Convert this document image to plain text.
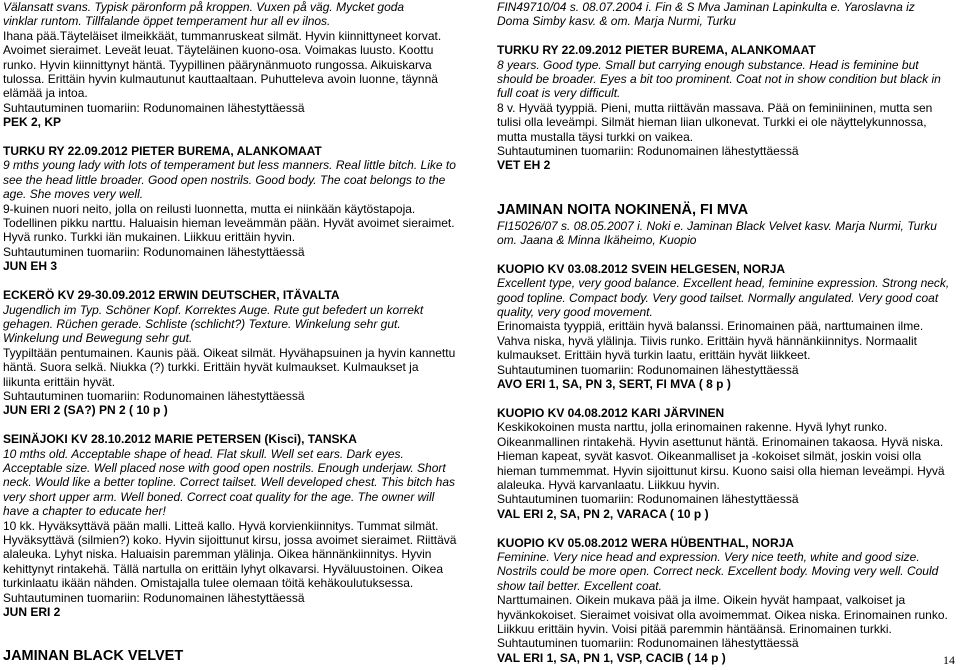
Välansatt svans. Typisk päronform på kroppen. Vuxen på väg. Mycket goda
vinklar runtom. Tillfalande öppet temperament hur all ev ilnos.
Ihana pää.Täyteläiset ilmeikkäät, tummanruskeat silmät. Hyvin kiinnittyneet korvat.
Avoimet sieraimet. Leveät leuat. Täyteläinen kuono-osa. Voimakas luusto. Koottu
runko. Hyvin kiinnittynyt häntä. Tyypillinen päärynänmuoto rungossa. Aikuiskarva
tulossa. Erittäin hyvin kulmautunut kauttaaltaan. Puhutteleva avoin luonne, täynnä
elämää ja intoa.
Suhtautuminen tuomariin: Rodunomainen lähestyttäessä
PEK 2, KP
TURKU RY 22.09.2012 PIETER BUREMA, ALANKOMAAT
9 mths young lady with lots of temperament but less manners. Real little bitch. Like to
see the head little broader. Good open nostrils. Good body. The coat belongs to the
age. She moves very well.
9-kuinen nuori neito, jolla on reilusti luonnetta, mutta ei niinkään käytöstapoja.
Todellinen pikku narttu. Haluaisin hieman leveämmän pään. Hyvät avoimet sieraimet.
Hyvä runko. Turkki iän mukainen. Liikkuu erittäin hyvin.
Suhtautuminen tuomariin: Rodunomainen lähestyttäessä
JUN EH 3
ECKERÖ KV 29-30.09.2012 ERWIN DEUTSCHER, ITÄVALTA
Jugendlich im Typ. Schöner Kopf. Korrektes Auge. Rute gut befedert un korrekt
gehagen. Rüchen gerade. Schliste (schlicht?) Texture. Winkelung sehr gut.
Winkelung und Bewegung sehr gut.
Tyypiltään pentumainen. Kaunis pää. Oikeat silmät. Hyvähapsuinen ja hyvin kannettu
häntä. Suora selkä. Niukka (?) turkki. Erittäin hyvät kulmaukset. Kulmaukset ja
liikunta erittäin hyvät.
Suhtautuminen tuomariin: Rodunomainen lähestyttäessä
JUN ERI 2 (SA?) PN 2 ( 10 p )
SEINÄJOKI KV 28.10.2012 MARIE PETERSEN (Kisci), TANSKA
10 mths old. Acceptable shape of head. Flat skull. Well set ears. Dark eyes.
Acceptable size. Well placed nose with good open nostrils. Enough underjaw. Short
neck. Would like a better topline. Correct tailset. Well developed chest. This bitch has
very short upper arm. Well boned. Correct coat quality for the age. The owner will
have a chapter to educate her!
10 kk. Hyväksyttävä pään malli. Litteä kallo. Hyvä korvienkiinnitys. Tummat silmät.
Hyväksyttävä (silmien?) koko. Hyvin sijoittunut kirsu, jossa avoimet sieraimet. Riittävä
alaleuka. Lyhyt niska. Haluaisin paremman ylälinja. Oikea hännänkiinnitys. Hyvin
kehittynyt rintakehä. Tällä nartulla on erittäin lyhyt olkavarsi. Hyväluustoinen. Oikea
turkinlaatu ikään nähden. Omistajalla tulee olemaan töitä kehäkoulutuksessa.
Suhtautuminen tuomariin: Rodunomainen lähestyttäessä
JUN ERI 2
JAMINAN BLACK VELVET
FIN49710/04 s. 08.07.2004 i. Fin & S Mva Jaminan Lapinkulta e. Yaroslavna iz
Doma Simby kasv. & om. Marja Nurmi, Turku
TURKU RY 22.09.2012 PIETER BUREMA, ALANKOMAAT
8 years. Good type. Small but carrying enough substance. Head is feminine but
should be broader. Eyes a bit too prominent. Coat not in show condition but black in
full coat is very difficult.
8 v. Hyvää tyyppiä. Pieni, mutta riittävän massava. Pää on feminiininen, mutta sen
tulisi olla leveämpi. Silmät hieman liian ulkonevat. Turkki ei ole näyttelykunnossa,
mutta mustalla täysi turkki on vaikea.
Suhtautuminen tuomariin: Rodunomainen lähestyttäessä
VET EH 2
JAMINAN NOITA NOKINENÄ, FI MVA
FI15026/07 s. 08.05.2007 i. Noki e. Jaminan Black Velvet kasv. Marja Nurmi, Turku
om. Jaana & Minna Ikäheimo, Kuopio
KUOPIO KV 03.08.2012 SVEIN HELGESEN, NORJA
Excellent type, very good balance. Excellent head, feminine expression. Strong neck,
good topline. Compact body. Very good tailset. Normally angulated. Very good coat
quality, very good movement.
Erinomaista tyyppiä, erittäin hyvä balanssi. Erinomainen pää, narttumainen ilme.
Vahva niska, hyvä ylälinja. Tiivis runko. Erittäin hyvä hännänkiinnitys. Normaalit
kulmaukset. Erittäin hyvä turkin laatu, erittäin hyvät liikkeet.
Suhtautuminen tuomariin: Rodunomainen lähestyttäessä
AVO ERI 1, SA, PN 3, SERT, FI MVA ( 8 p )
KUOPIO KV 04.08.2012 KARI JÄRVINEN
Keskikokoinen musta narttu, jolla erinomainen rakenne. Hyvä lyhyt runko.
Oikeanmallinen rintakehä. Hyvin asettunut häntä. Erinomainen takaosa. Hyvä niska.
Hieman kapeat, syvät kasvot. Oikeanmalliset ja -kokoiset silmät, joskin voisi olla
hieman tummemmat. Hyvin sijoittunut kirsu. Kuono saisi olla hieman leveämpi. Hyvä
alaleuka. Hyvä karvanlaatu. Liikkuu hyvin.
Suhtautuminen tuomariin: Rodunomainen lähestyttäessä
VAL ERI 2, SA, PN 2, VARACA ( 10 p )
KUOPIO KV 05.08.2012 WERA HÜBENTHAL, NORJA
Feminine. Very nice head and expression. Very nice teeth, white and good size.
Nostrils could be more open. Correct neck. Excellent body. Moving very well. Could
show tail better. Excellent coat.
Narttumainen. Oikein mukava pää ja ilme. Oikein hyvät hampaat, valkoiset ja
hyvänkokoiset. Sieraimet voisivat olla avoimemmat. Oikea niska. Erinomainen runko.
Liikkuu erittäin hyvin. Voisi pitää paremmin häntäänsä. Erinomainen turkki.
Suhtautuminen tuomariin: Rodunomainen lähestyttäessä
VAL ERI 1, SA, PN 1, VSP, CACIB ( 14 p )	14
